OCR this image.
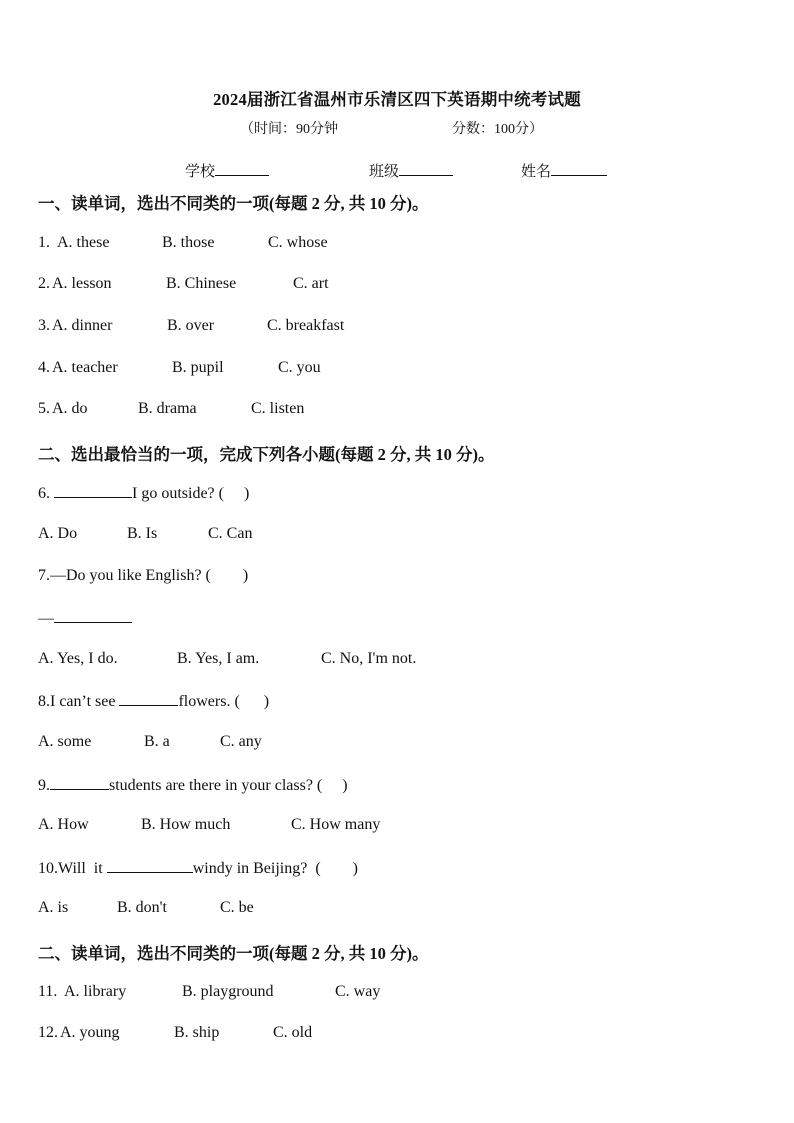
2024届浙江省温州市乐清区四下英语期中统考试题
（时间：90分钟	分数：100分）
学校	班级	姓名
一、读单词，选出不同类的一项(每题 2 分, 共 10 分)。
1. A. these	B. those	C. whose
2. A. lesson	B. Chinese	C. art
3. A. dinner	B. over	C. breakfast
4. A. teacher	B. pupil	C. you
5. A. do	B. drama	C. listen
二、选出最恰当的一项，完成下列各小题(每题 2 分, 共 10 分)。
6.	I go outside? (     )
A. Do	B. Is	C. Can
7.—Do you like English? (        )
—
A. Yes, I do.	B. Yes, I am.	C. No, I'm not.
8.I can’t see	flowers. (      )
A. some	B. a	C. any
9.	students are there in your class? (     )
A. How	B. How much	C. How many
10.Will  it	windy in Beijing?  (        )
A. is	B. don't	C. be
二、读单词，选出不同类的一项(每题 2 分, 共 10 分)。
11. A. library	B. playground	C. way
12. A. young	B. ship	C. old
